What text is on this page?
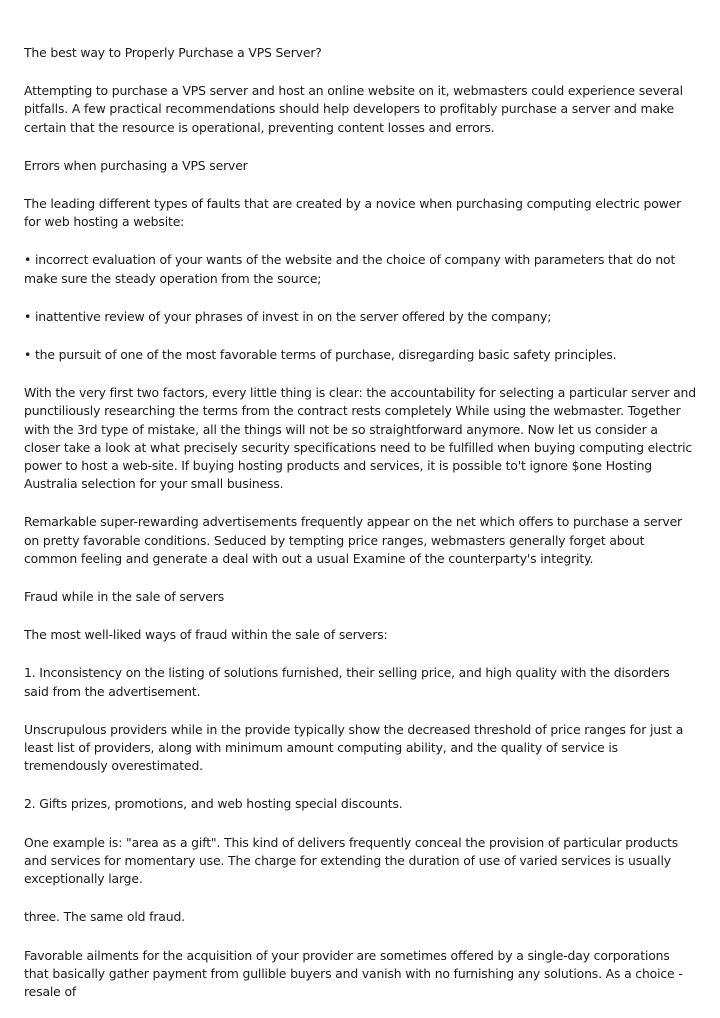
The best way to Properly Purchase a VPS Server?

Attempting to purchase a VPS server and host an online website on it, webmasters could experience several pitfalls. A few practical recommendations should help developers to profitably purchase a server and make certain that the resource is operational, preventing content losses and errors.

Errors when purchasing a VPS server

The leading different types of faults that are created by a novice when purchasing computing electric power for web hosting a website:

• incorrect evaluation of your wants of the website and the choice of company with parameters that do not make sure the steady operation from the source;

• inattentive review of your phrases of invest in on the server offered by the company;

• the pursuit of one of the most favorable terms of purchase, disregarding basic safety principles.

With the very first two factors, every little thing is clear: the accountability for selecting a particular server and punctiliously researching the terms from the contract rests completely While using the webmaster. Together with the 3rd type of mistake, all the things will not be so straightforward anymore. Now let us consider a closer take a look at what precisely security specifications need to be fulfilled when buying computing electric power to host a web-site. If buying hosting products and services, it is possible to't ignore $one Hosting Australia selection for your small business.

Remarkable super-rewarding advertisements frequently appear on the net which offers to purchase a server on pretty favorable conditions. Seduced by tempting price ranges, webmasters generally forget about common feeling and generate a deal with out a usual Examine of the counterparty's integrity.

Fraud while in the sale of servers

The most well-liked ways of fraud within the sale of servers:

1. Inconsistency on the listing of solutions furnished, their selling price, and high quality with the disorders said from the advertisement.

Unscrupulous providers while in the provide typically show the decreased threshold of price ranges for just a least list of providers, along with minimum amount computing ability, and the quality of service is tremendously overestimated.

2. Gifts prizes, promotions, and web hosting special discounts.

One example is: "area as a gift". This kind of delivers frequently conceal the provision of particular products and services for momentary use. The charge for extending the duration of use of varied services is usually exceptionally large.

three. The same old fraud.

Favorable ailments for the acquisition of your provider are sometimes offered by a single-day corporations that basically gather payment from gullible buyers and vanish with no furnishing any solutions. As a choice - resale of
